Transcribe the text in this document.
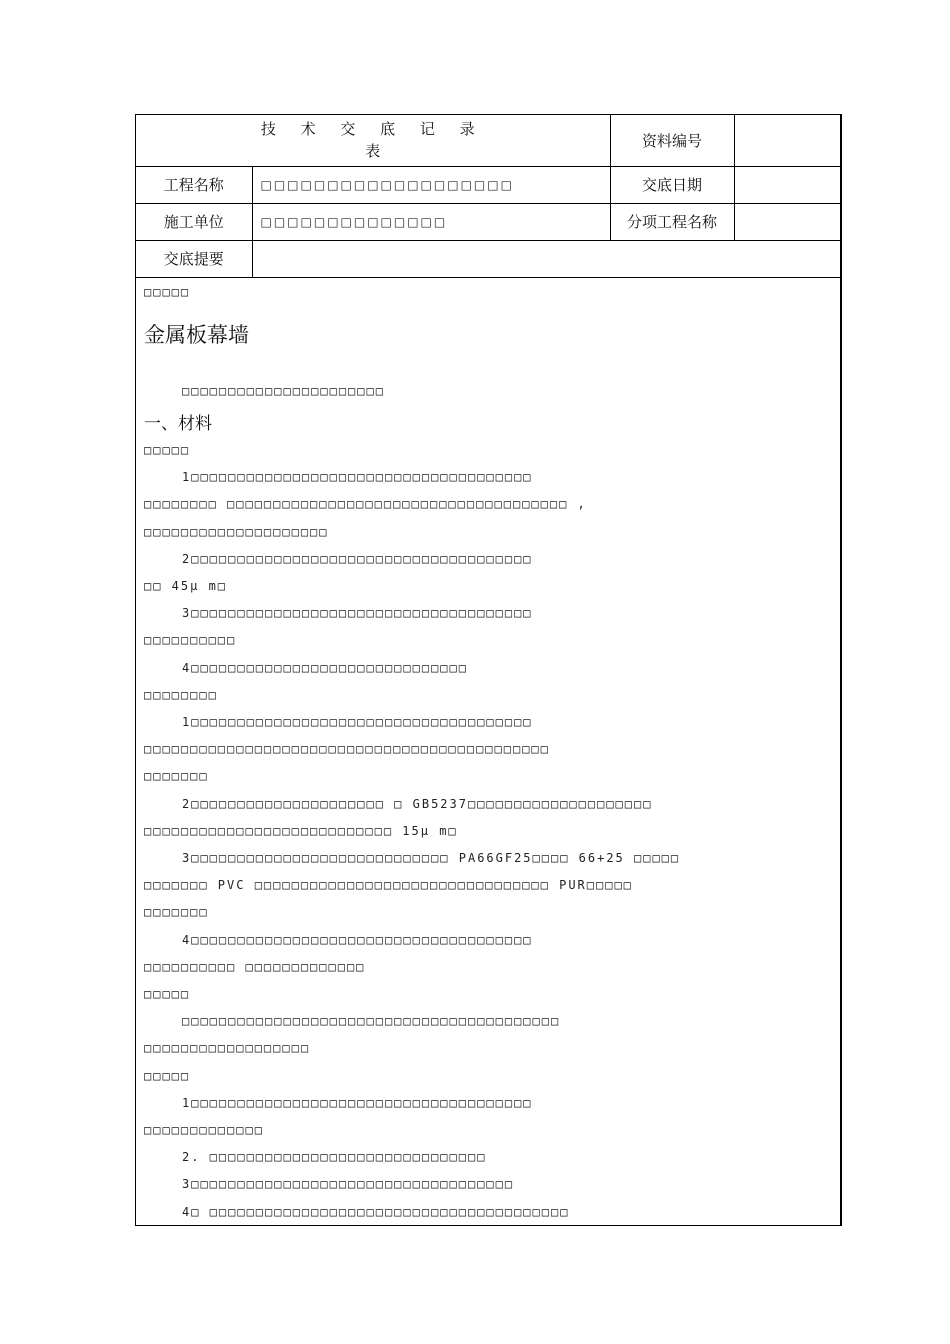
技 术 交 底 记 录
表		资料编号	
工程名称	□□□□□□□□□□□□□□□□□□□	交底日期	
施工单位	□□□□□□□□□□□□□□	分项工程名称	
交底提要			
□□□□□
金属板幕墙
□□□□□□□□□□□□□□□□□□□□□□
一、材料
□□□□□
1□□□□□□□□□□□□□□□□□□□□□□□□□□□□□□□□□□□□□
□□□□□□□□ □□□□□□□□□□□□□□□□□□□□□□□□□□□□□□□□□□□□□ ,
□□□□□□□□□□□□□□□□□□□□
2□□□□□□□□□□□□□□□□□□□□□□□□□□□□□□□□□□□□□
□□ 45μ m□
3□□□□□□□□□□□□□□□□□□□□□□□□□□□□□□□□□□□□□
□□□□□□□□□□
4□□□□□□□□□□□□□□□□□□□□□□□□□□□□□□
□□□□□□□□
1□□□□□□□□□□□□□□□□□□□□□□□□□□□□□□□□□□□□□
□□□□□□□□□□□□□□□□□□□□□□□□□□□□□□□□□□□□□□□□□□□□
□□□□□□□
2□□□□□□□□□□□□□□□□□□□□□ □ GB5237□□□□□□□□□□□□□□□□□□□□
□□□□□□□□□□□□□□□□□□□□□□□□□□□ 15μ m□
3□□□□□□□□□□□□□□□□□□□□□□□□□□□□ PA66GF25□□□□ 66+25 □□□□□
□□□□□□□ PVC □□□□□□□□□□□□□□□□□□□□□□□□□□□□□□□□ PUR□□□□□
□□□□□□□
4□□□□□□□□□□□□□□□□□□□□□□□□□□□□□□□□□□□□□
□□□□□□□□□□ □□□□□□□□□□□□□
□□□□□
□□□□□□□□□□□□□□□□□□□□□□□□□□□□□□□□□□□□□□□□□
□□□□□□□□□□□□□□□□□□
□□□□□
1□□□□□□□□□□□□□□□□□□□□□□□□□□□□□□□□□□□□□
□□□□□□□□□□□□□
2. □□□□□□□□□□□□□□□□□□□□□□□□□□□□□□
3□□□□□□□□□□□□□□□□□□□□□□□□□□□□□□□□□□□
4□ □□□□□□□□□□□□□□□□□□□□□□□□□□□□□□□□□□□□□□□
